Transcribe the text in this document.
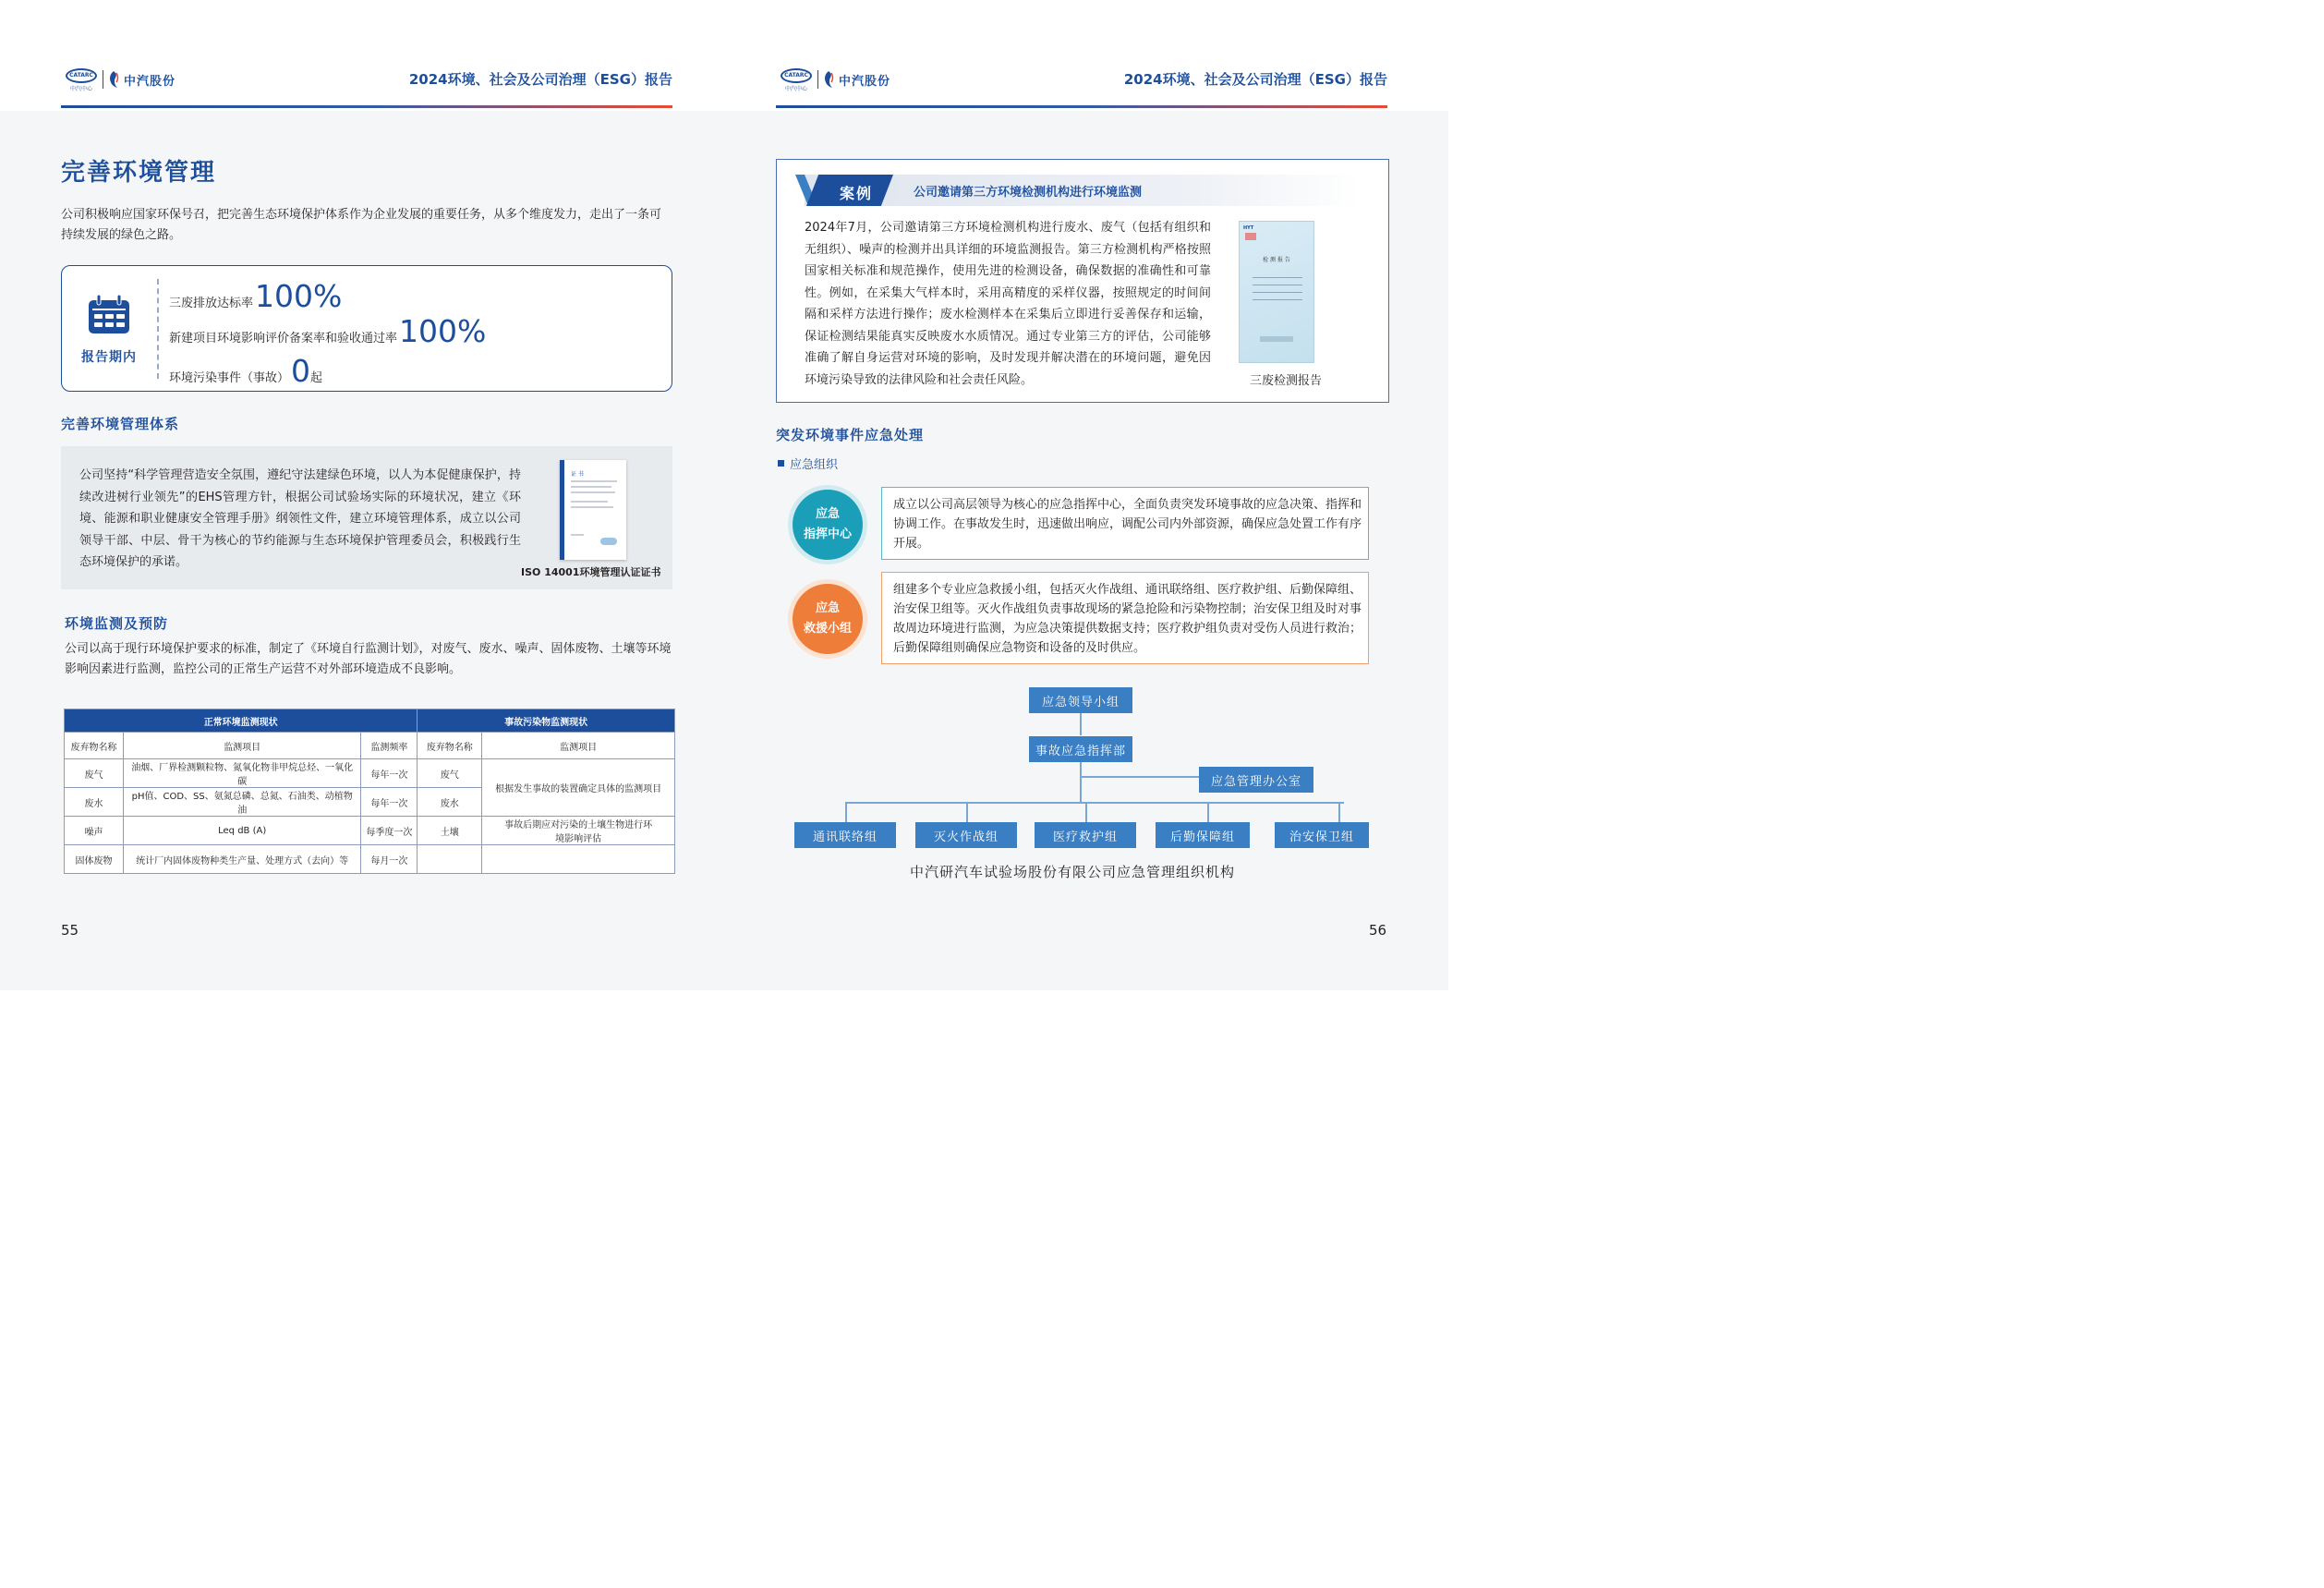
CATARC
中汽中心
中汽股份	2024环境、社会及公司治理（ESG）报告
完善环境管理
公司积极响应国家环保号召，把完善生态环境保护体系作为企业发展的重要任务，从多个维度发力，走出了一条可持续发展的绿色之路。
报告期内
三废排放达标率 100%
新建项目环境影响评价备案率和验收通过率 100%
环境污染事件（事故） 0 起
完善环境管理体系
公司坚持“科学管理营造安全氛围，遵纪守法建绿色环境，以人为本促健康保护，持续改进树行业领先”的EHS管理方针，根据公司试验场实际的环境状况，建立《环境、能源和职业健康安全管理手册》纲领性文件，建立环境管理体系，成立以公司领导干部、中层、骨干为核心的节约能源与生态环境保护管理委员会，积极践行生态环境保护的承诺。
证 书
ISO 14001环境管理认证证书
环境监测及预防
公司以高于现行环境保护要求的标准，制定了《环境自行监测计划》，对废气、废水、噪声、固体废物、土壤等环境影响因素进行监测，监控公司的正常生产运营不对外部环境造成不良影响。
正常环境监测现状			事故污染物监测现状	
废弃物名称	监测项目	监测频率	废弃物名称	监测项目
废气	油烟、厂界检测颗粒物、氮氧化物非甲烷总烃、一氧化碳	每年一次	废气	根据发生事故的装置确定具体的监测项目
废水	pH值、COD、SS、氨氮总磷、总氮、石油类、动植物油	每年一次	废水	
噪声	Leq dB (A)	每季度一次	土壤	事故后期应对污染的土壤生物进行环境影响评估
固体废物	统计厂内固体废物种类生产量、处理方式（去向）等	每月一次		
55
CATARC
中汽中心
中汽股份	2024环境、社会及公司治理（ESG）报告
案例	公司邀请第三方环境检测机构进行环境监测
2024年7月，公司邀请第三方环境检测机构进行废水、废气（包括有组织和无组织）、噪声的检测并出具详细的环境监测报告。第三方检测机构严格按照国家相关标准和规范操作，使用先进的检测设备，确保数据的准确性和可靠性。例如，在采集大气样本时，采用高精度的采样仪器，按照规定的时间间隔和采样方法进行操作；废水检测样本在采集后立即进行妥善保存和运输，保证检测结果能真实反映废水水质情况。通过专业第三方的评估，公司能够准确了解自身运营对环境的影响，及时发现并解决潜在的环境问题，避免因环境污染导致的法律风险和社会责任风险。
HYT
检 测 报 告
三废检测报告
突发环境事件应急处理
应急组织
应急
指挥中心
成立以公司高层领导为核心的应急指挥中心，全面负责突发环境事故的应急决策、指挥和协调工作。在事故发生时，迅速做出响应，调配公司内外部资源，确保应急处置工作有序开展。
应急
救援小组
组建多个专业应急救援小组，包括灭火作战组、通讯联络组、医疗救护组、后勤保障组、治安保卫组等。灭火作战组负责事故现场的紧急抢险和污染物控制；治安保卫组及时对事故周边环境进行监测，为应急决策提供数据支持；医疗救护组负责对受伤人员进行救治；后勤保障组则确保应急物资和设备的及时供应。
应急领导小组
事故应急指挥部
应急管理办公室
通讯联络组	灭火作战组	医疗救护组	后勤保障组	治安保卫组
中汽研汽车试验场股份有限公司应急管理组织机构
56
